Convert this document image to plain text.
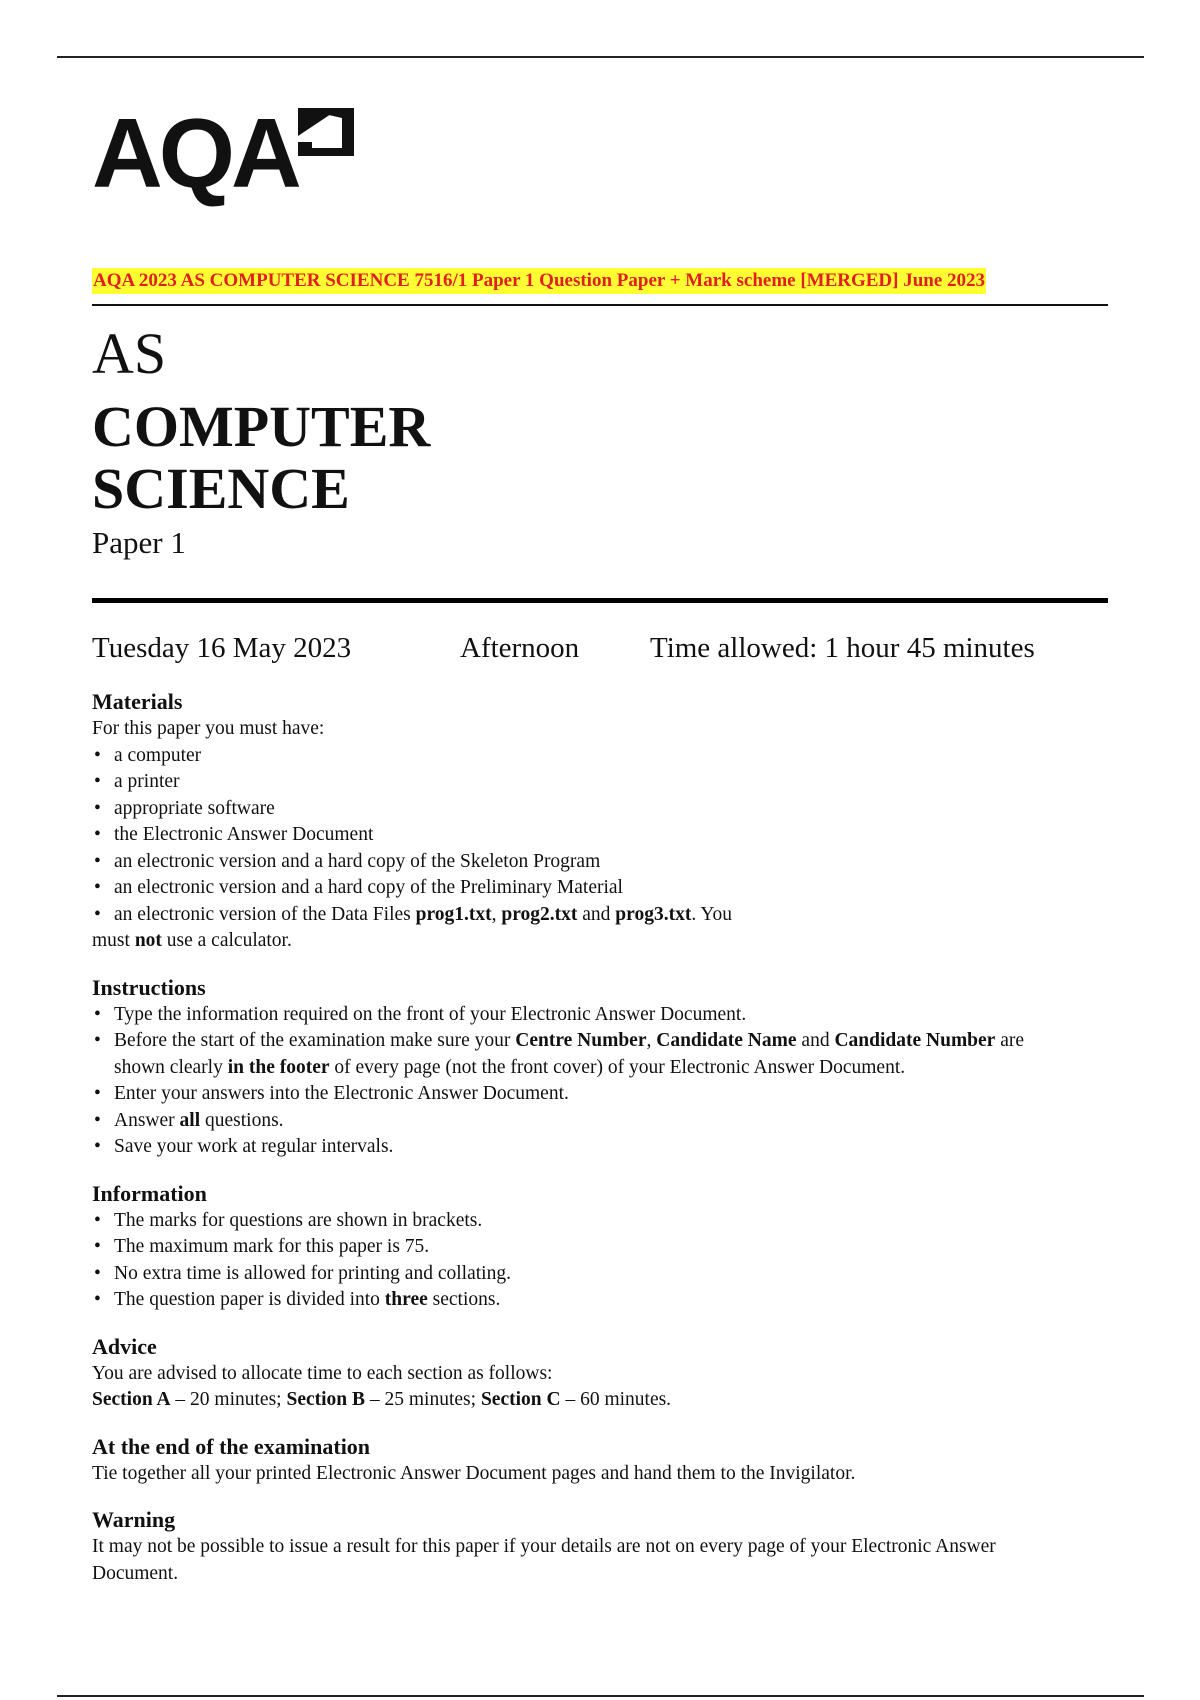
AQA
AQA 2023 AS COMPUTER SCIENCE 7516/1 Paper 1 Question Paper + Mark scheme [MERGED] June 2023
AS
COMPUTER
SCIENCE
Paper 1
Tuesday 16 May 2023	Afternoon Time allowed: 1 hour 45 minutes
Materials

For this paper you must have:

• a computer
• a printer
• appropriate software
• the Electronic Answer Document
• an electronic version and a hard copy of the Skeleton Program
• an electronic version and a hard copy of the Preliminary Material
• an electronic version of the Data Files prog1.txt, prog2.txt and prog3.txt. You

must not use a calculator.

Instructions
• Type the information required on the front of your Electronic Answer Document.
• Before the start of the examination make sure your Centre Number, Candidate Name and Candidate Number are shown clearly in the footer of every page (not the front cover) of your Electronic Answer Document.
• Enter your answers into the Electronic Answer Document.
• Answer all questions.
• Save your work at regular intervals.
Information
• The marks for questions are shown in brackets.
• The maximum mark for this paper is 75.
• No extra time is allowed for printing and collating.
• The question paper is divided into three sections.
Advice

You are advised to allocate time to each section as follows:

Section A – 20 minutes; Section B – 25 minutes; Section C – 60 minutes.

At the end of the examination

Tie together all your printed Electronic Answer Document pages and hand them to the Invigilator.

Warning

It may not be possible to issue a result for this paper if your details are not on every page of your Electronic Answer Document.
